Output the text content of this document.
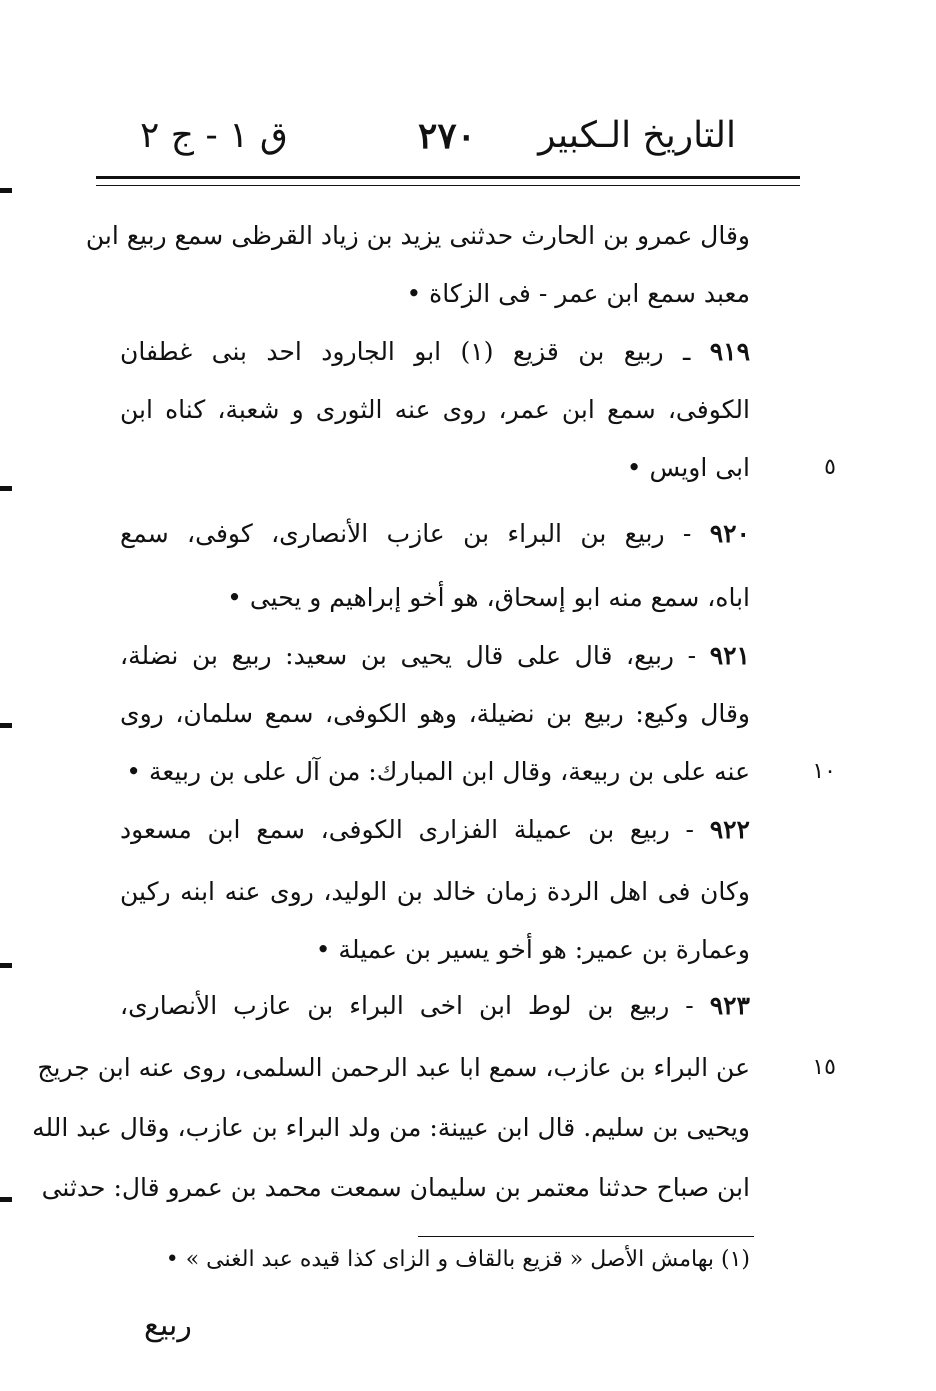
التاريخ الـكبير
٢٧٠
ق ١ - ج ٢
وقال عمرو بن الحارث حدثنى يزيد بن زياد القرظى سمع ربيع ابن
معبد سمع ابن عمر - فى الزكاة •
٩١٩ ـ ربيع بن قزيع (١) ابو الجارود احد بنى غطفان
الكوفى، سمع ابن عمر، روى عنه الثورى و شعبة، كناه ابن
ابى اويس •
٩٢٠ - ربيع بن البراء بن عازب الأنصارى، كوفى، سمع
اباه، سمع منه ابو إسحاق، هو أخو إبراهيم و يحيى •
٩٢١ - ربيع، قال على قال يحيى بن سعيد: ربيع بن نضلة،
وقال وكيع: ربيع بن نضيلة، وهو الكوفى، سمع سلمان، روى
عنه على بن ربيعة، وقال ابن المبارك: من آل على بن ربيعة •
٩٢٢ - ربيع بن عميلة الفزارى الكوفى، سمع ابن مسعود
وكان فى اهل الردة زمان خالد بن الوليد، روى عنه ابنه ركين
وعمارة بن عمير: هو أخو يسير بن عميلة •
٩٢٣ - ربيع بن لوط ابن اخى البراء بن عازب الأنصارى،
عن البراء بن عازب، سمع ابا عبد الرحمن السلمى، روى عنه ابن جريج
ويحيى بن سليم. قال ابن عيينة: من ولد البراء بن عازب، وقال عبد الله
ابن صباح حدثنا معتمر بن سليمان سمعت محمد بن عمرو قال: حدثنى
٥
١٠
١٥
(١) بهامش الأصل « قزيع بالقاف و الزاى كذا قيده عبد الغنى » •
ربيع
